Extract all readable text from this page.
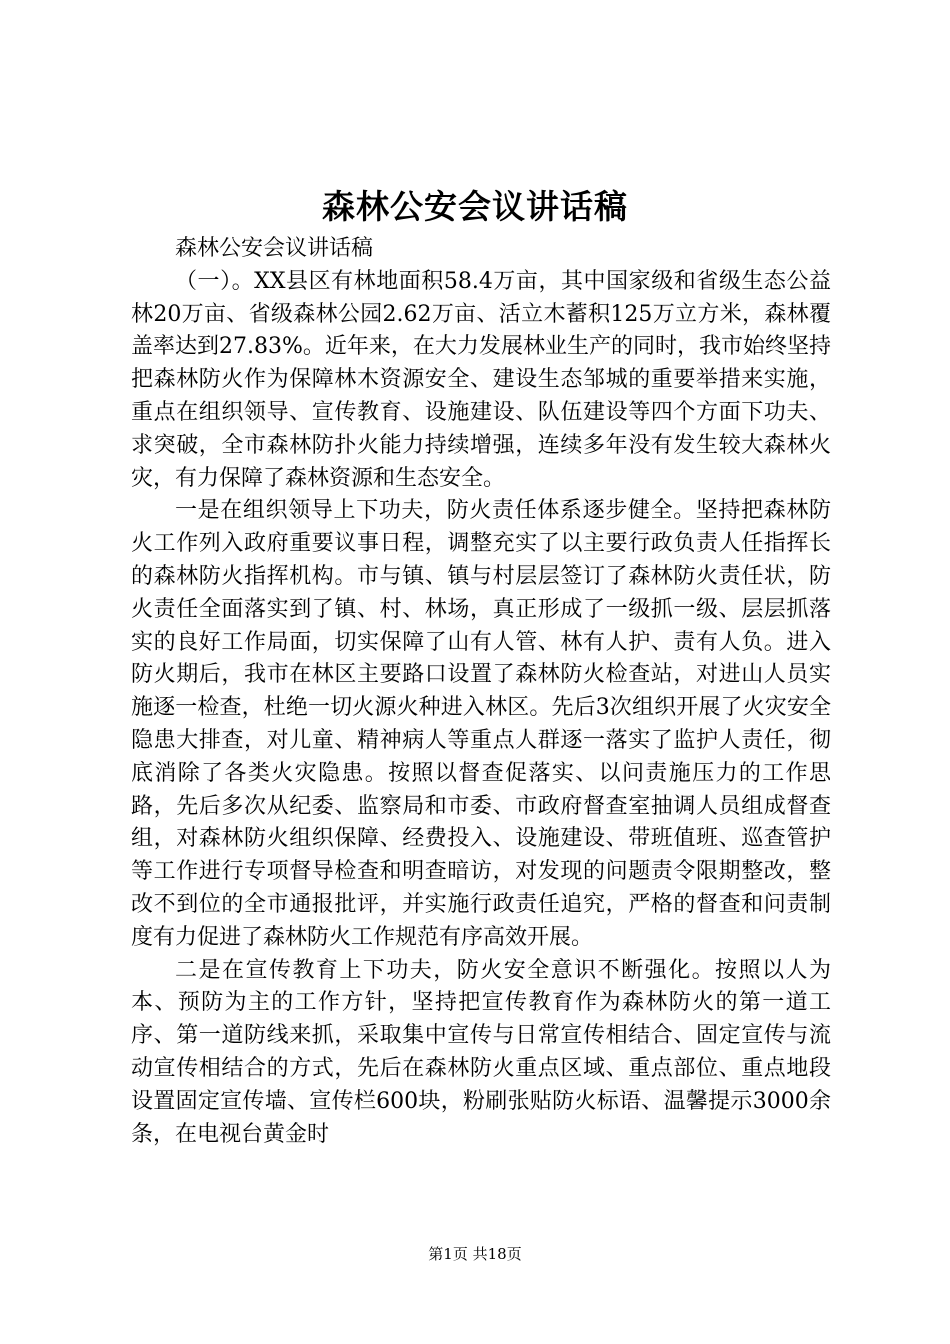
森林公安会议讲话稿

森林公安会议讲话稿

（一）。XX县区有林地面积58.4万亩，其中国家级和省级生态公益林20万亩、省级森林公园2.62万亩、活立木蓄积125万立方米，森林覆盖率达到27.83%。近年来，在大力发展林业生产的同时，我市始终坚持把森林防火作为保障林木资源安全、建设生态邹城的重要举措来实施，重点在组织领导、宣传教育、设施建设、队伍建设等四个方面下功夫、求突破，全市森林防扑火能力持续增强，连续多年没有发生较大森林火灾，有力保障了森林资源和生态安全。

一是在组织领导上下功夫，防火责任体系逐步健全。坚持把森林防火工作列入政府重要议事日程，调整充实了以主要行政负责人任指挥长的森林防火指挥机构。市与镇、镇与村层层签订了森林防火责任状，防火责任全面落实到了镇、村、林场，真正形成了一级抓一级、层层抓落实的良好工作局面，切实保障了山有人管、林有人护、责有人负。进入防火期后，我市在林区主要路口设置了森林防火检查站，对进山人员实施逐一检查，杜绝一切火源火种进入林区。先后3次组织开展了火灾安全隐患大排查，对儿童、精神病人等重点人群逐一落实了监护人责任，彻底消除了各类火灾隐患。按照以督查促落实、以问责施压力的工作思路，先后多次从纪委、监察局和市委、市政府督查室抽调人员组成督查组，对森林防火组织保障、经费投入、设施建设、带班值班、巡查管护等工作进行专项督导检查和明查暗访，对发现的问题责令限期整改，整改不到位的全市通报批评，并实施行政责任追究，严格的督查和问责制度有力促进了森林防火工作规范有序高效开展。

二是在宣传教育上下功夫，防火安全意识不断强化。按照以人为本、预防为主的工作方针，坚持把宣传教育作为森林防火的第一道工序、第一道防线来抓，采取集中宣传与日常宣传相结合、固定宣传与流动宣传相结合的方式，先后在森林防火重点区域、重点部位、重点地段设置固定宣传墙、宣传栏600块，粉刷张贴防火标语、温馨提示3000余条，在电视台黄金时

第1页 共18页
